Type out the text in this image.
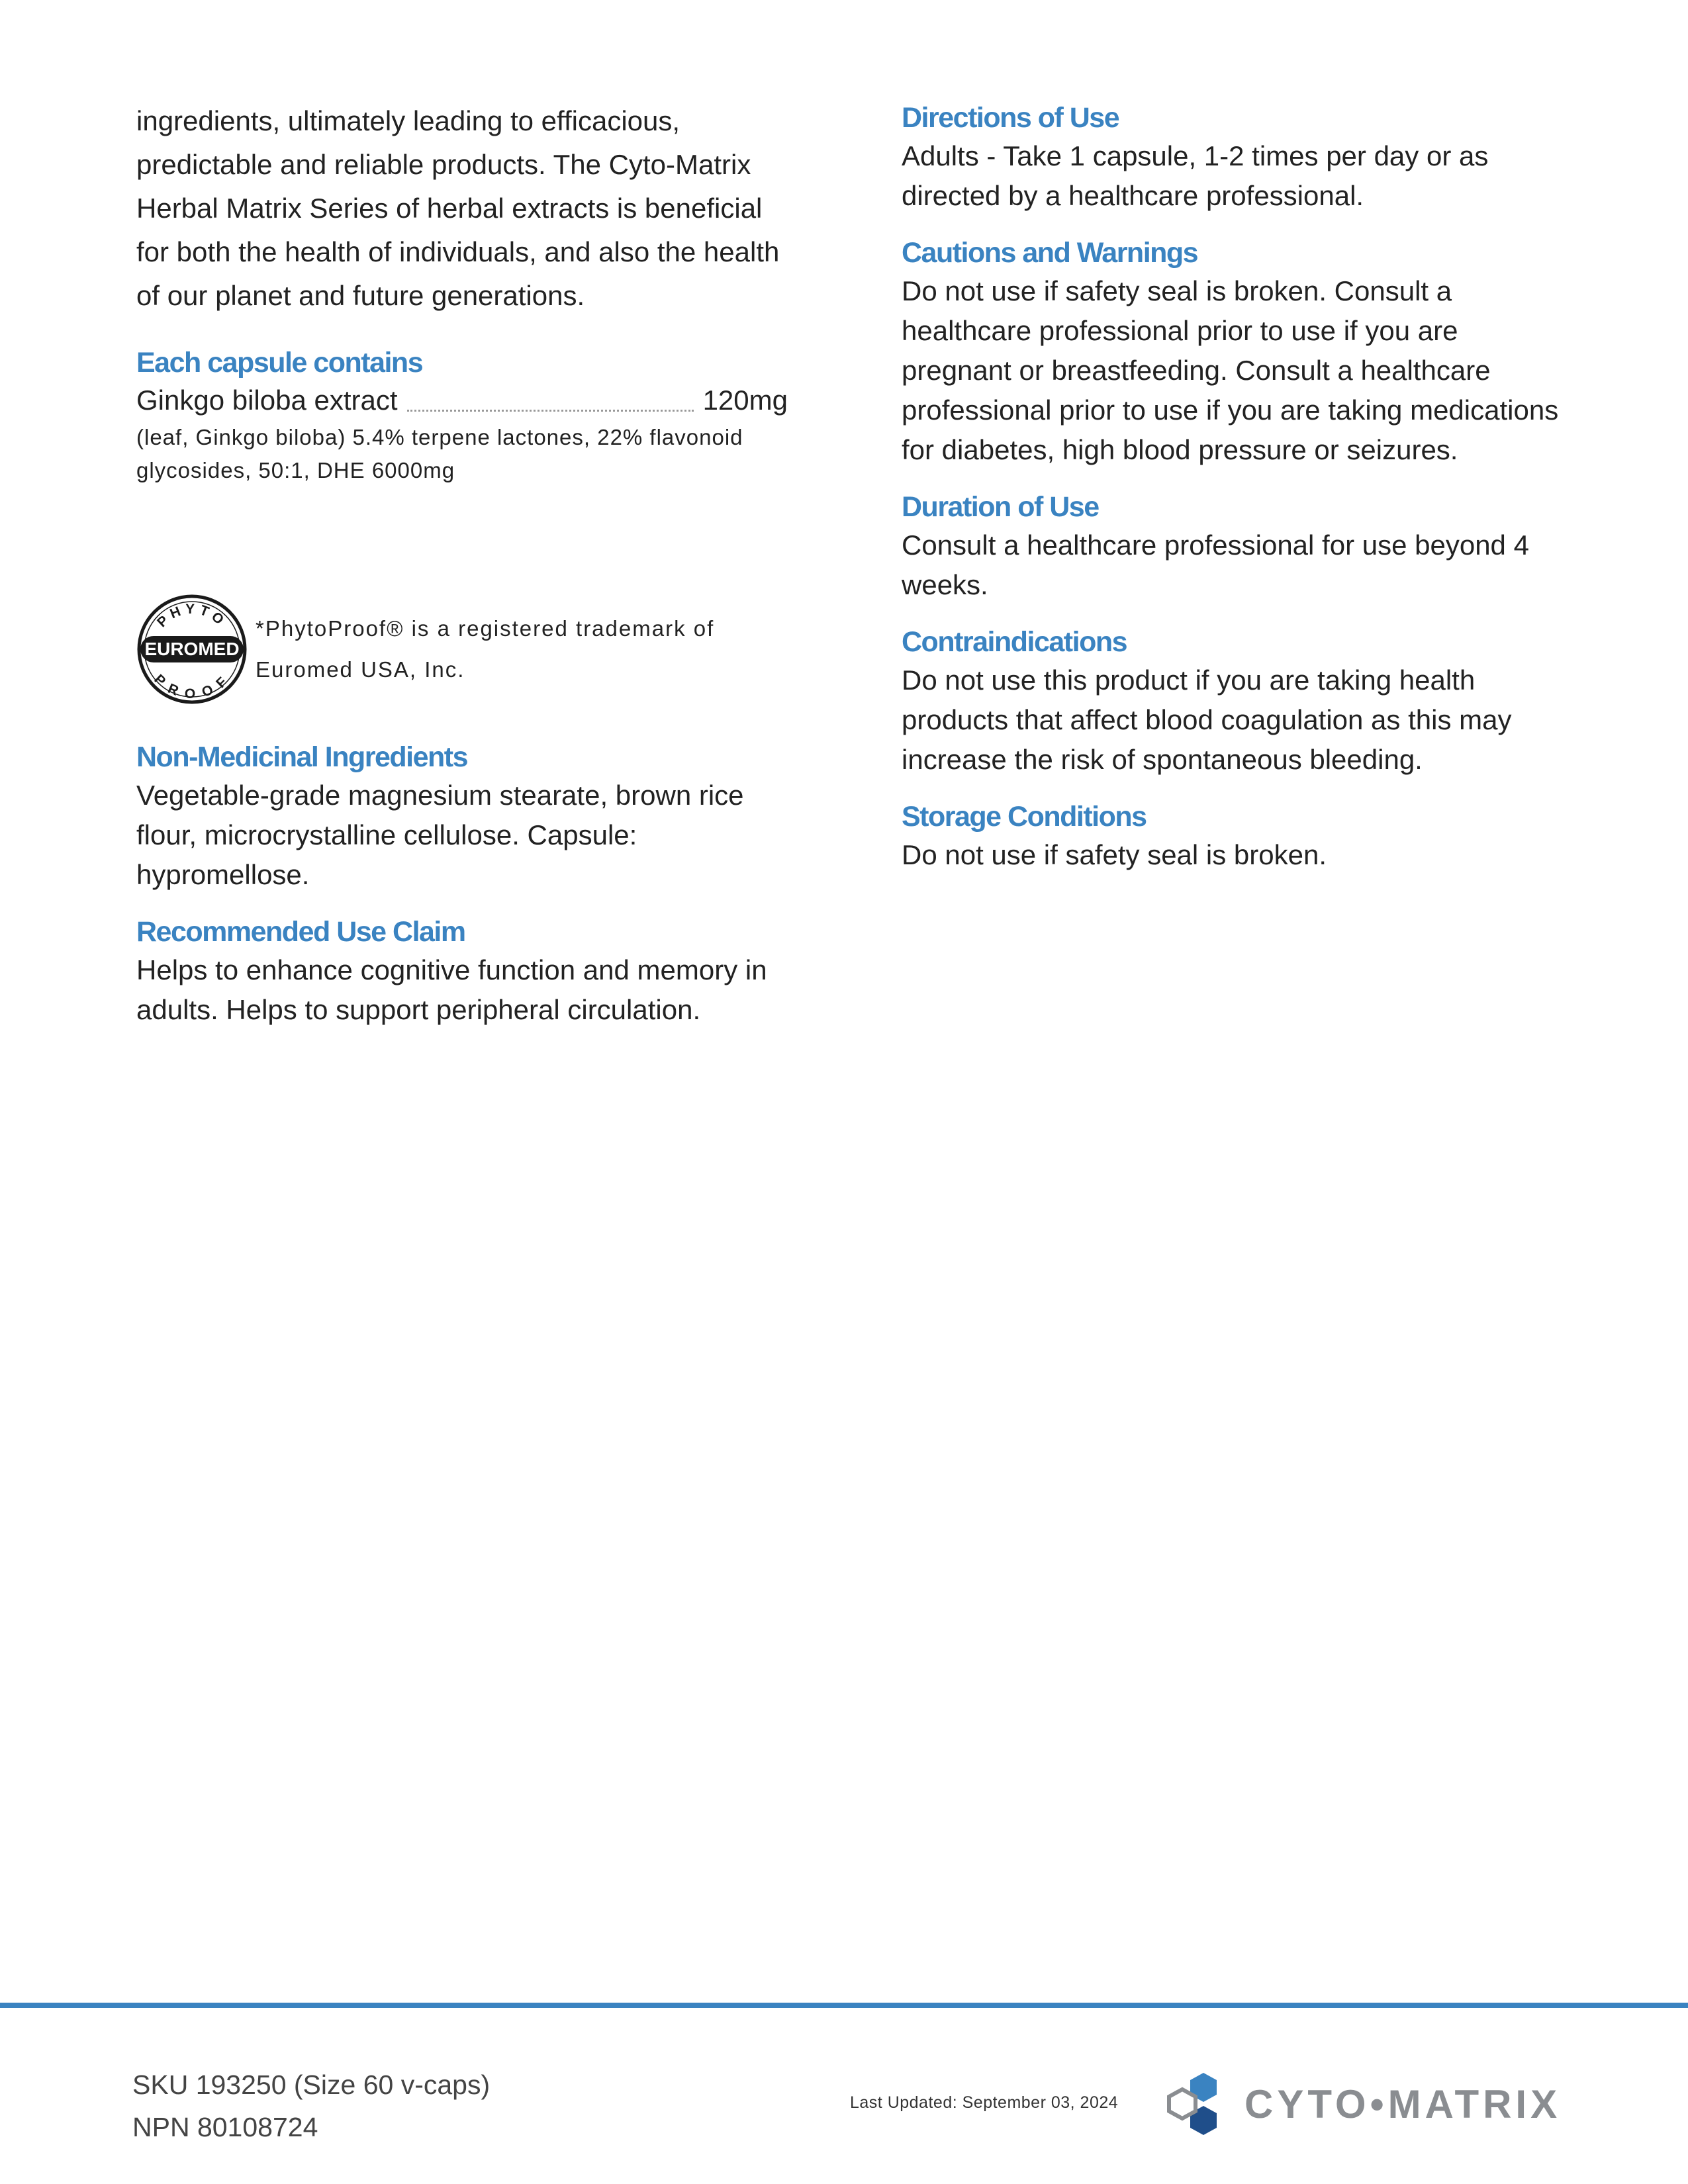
ingredients, ultimately leading to efficacious, predictable and reliable products. The Cyto-Matrix Herbal Matrix Series of herbal extracts is beneficial for both the health of individuals, and also the health of our planet and future generations.

Each capsule contains
Ginkgo biloba extract	120mg

(leaf, Ginkgo biloba) 5.4% terpene lactones, 22% flavonoid glycosides, 50:1, DHE 6000mg

PHYTO
PROOF
EUROMED
*PhytoProof® is a registered trademark of Euromed USA, Inc.
Non-Medicinal Ingredients

Vegetable-grade magnesium stearate, brown rice flour, microcrystalline cellulose. Capsule: hypromellose.

Recommended Use Claim

Helps to enhance cognitive function and memory in adults. Helps to support peripheral circulation.

Directions of Use

Adults - Take 1 capsule, 1-2 times per day or as directed by a healthcare professional.

Cautions and Warnings

Do not use if safety seal is broken. Consult a healthcare professional prior to use if you are pregnant or breastfeeding. Consult a healthcare professional prior to use if you are taking medications for diabetes, high blood pressure or seizures.

Duration of Use

Consult a healthcare professional for use beyond 4 weeks.

Contraindications

Do not use this product if you are taking health products that affect blood coagulation as this may increase the risk of spontaneous bleeding.

Storage Conditions

Do not use if safety seal is broken.

SKU 193250 (Size 60 v-caps)
NPN 80108724
Last Updated: September 03, 2024	CYTO•MATRIX
